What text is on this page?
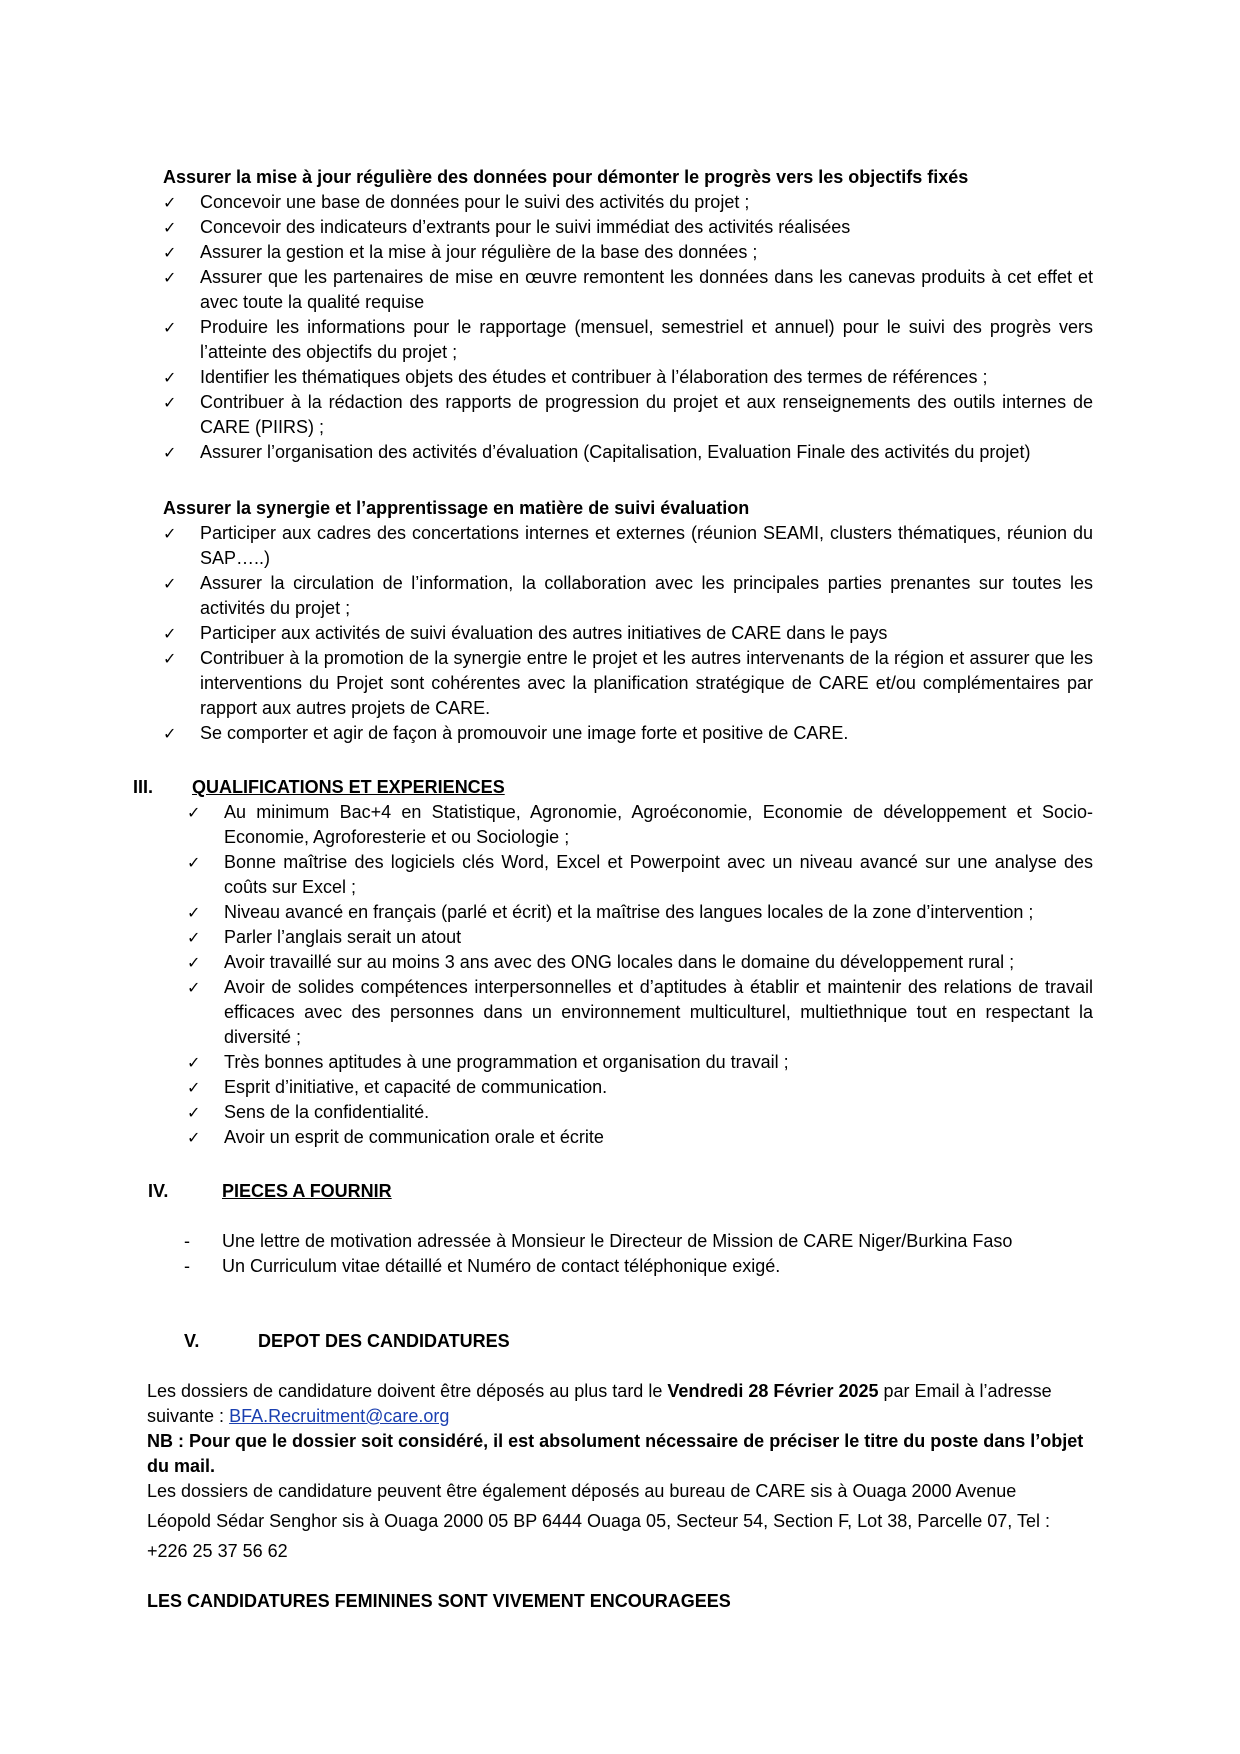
Assurer la mise à jour régulière des données pour démonter le progrès vers les objectifs fixés
✓ Concevoir une base de données pour le suivi des activités du projet ;
✓ Concevoir des indicateurs d’extrants pour le suivi immédiat des activités réalisées
✓ Assurer la gestion et la mise à jour régulière de la base des données ;
✓ Assurer que les partenaires de mise en œuvre remontent les données dans les canevas produits à cet effet et avec toute la qualité requise
✓ Produire les informations pour le rapportage (mensuel, semestriel et annuel) pour le suivi des progrès vers l’atteinte des objectifs du projet ;
✓ Identifier les thématiques objets des études et contribuer à l’élaboration des termes de références ;
✓ Contribuer à la rédaction des rapports de progression du projet et aux renseignements des outils internes de CARE (PIIRS) ;
✓ Assurer l’organisation des activités d’évaluation (Capitalisation, Evaluation Finale des activités du projet)
Assurer la synergie et l’apprentissage en matière de suivi évaluation
✓ Participer aux cadres des concertations internes et externes (réunion SEAMI, clusters thématiques, réunion du SAP…..)
✓ Assurer la circulation de l’information, la collaboration avec les principales parties prenantes sur toutes les activités du projet ;
✓ Participer aux activités de suivi évaluation des autres initiatives de CARE dans le pays
✓ Contribuer à la promotion de la synergie entre le projet et les autres intervenants de la région et assurer que les interventions du Projet sont cohérentes avec la planification stratégique de CARE et/ou complémentaires par rapport aux autres projets de CARE.
✓ Se comporter et agir de façon à promouvoir une image forte et positive de CARE.
III. QUALIFICATIONS ET EXPERIENCES
✓ Au minimum Bac+4 en Statistique, Agronomie, Agroéconomie, Economie de développement et Socio-Economie, Agroforesterie et ou Sociologie ;
✓ Bonne maîtrise des logiciels clés Word, Excel et Powerpoint avec un niveau avancé sur une analyse des coûts sur Excel ;
✓ Niveau avancé en français (parlé et écrit) et la maîtrise des langues locales de la zone d’intervention ;
✓ Parler l’anglais serait un atout
✓ Avoir travaillé sur au moins 3 ans avec des ONG locales dans le domaine du développement rural ;
✓ Avoir de solides compétences interpersonnelles et d’aptitudes à établir et maintenir des relations de travail efficaces avec des personnes dans un environnement multiculturel, multiethnique tout en respectant la diversité ;
✓ Très bonnes aptitudes à une programmation et organisation du travail ;
✓ Esprit d’initiative, et capacité de communication.
✓ Sens de la confidentialité.
✓ Avoir un esprit de communication orale et écrite
IV.	PIECES A FOURNIR
- Une lettre de motivation adressée à Monsieur le Directeur de Mission de CARE Niger/Burkina Faso
- Un Curriculum vitae détaillé et Numéro de contact téléphonique exigé.
V.	DEPOT DES CANDIDATURES
Les dossiers de candidature doivent être déposés au plus tard le Vendredi 28 Février 2025 par Email à l’adresse suivante : BFA.Recruitment@care.org
NB : Pour que le dossier soit considéré, il est absolument nécessaire de préciser le titre du poste dans l’objet du mail.
Les dossiers de candidature peuvent être également déposés au bureau de CARE sis à Ouaga 2000 Avenue
Léopold Sédar Senghor sis à Ouaga 2000 05 BP 6444 Ouaga 05, Secteur 54, Section F, Lot 38, Parcelle 07, Tel :
+226 25 37 56 62
LES CANDIDATURES FEMININES SONT VIVEMENT ENCOURAGEES
